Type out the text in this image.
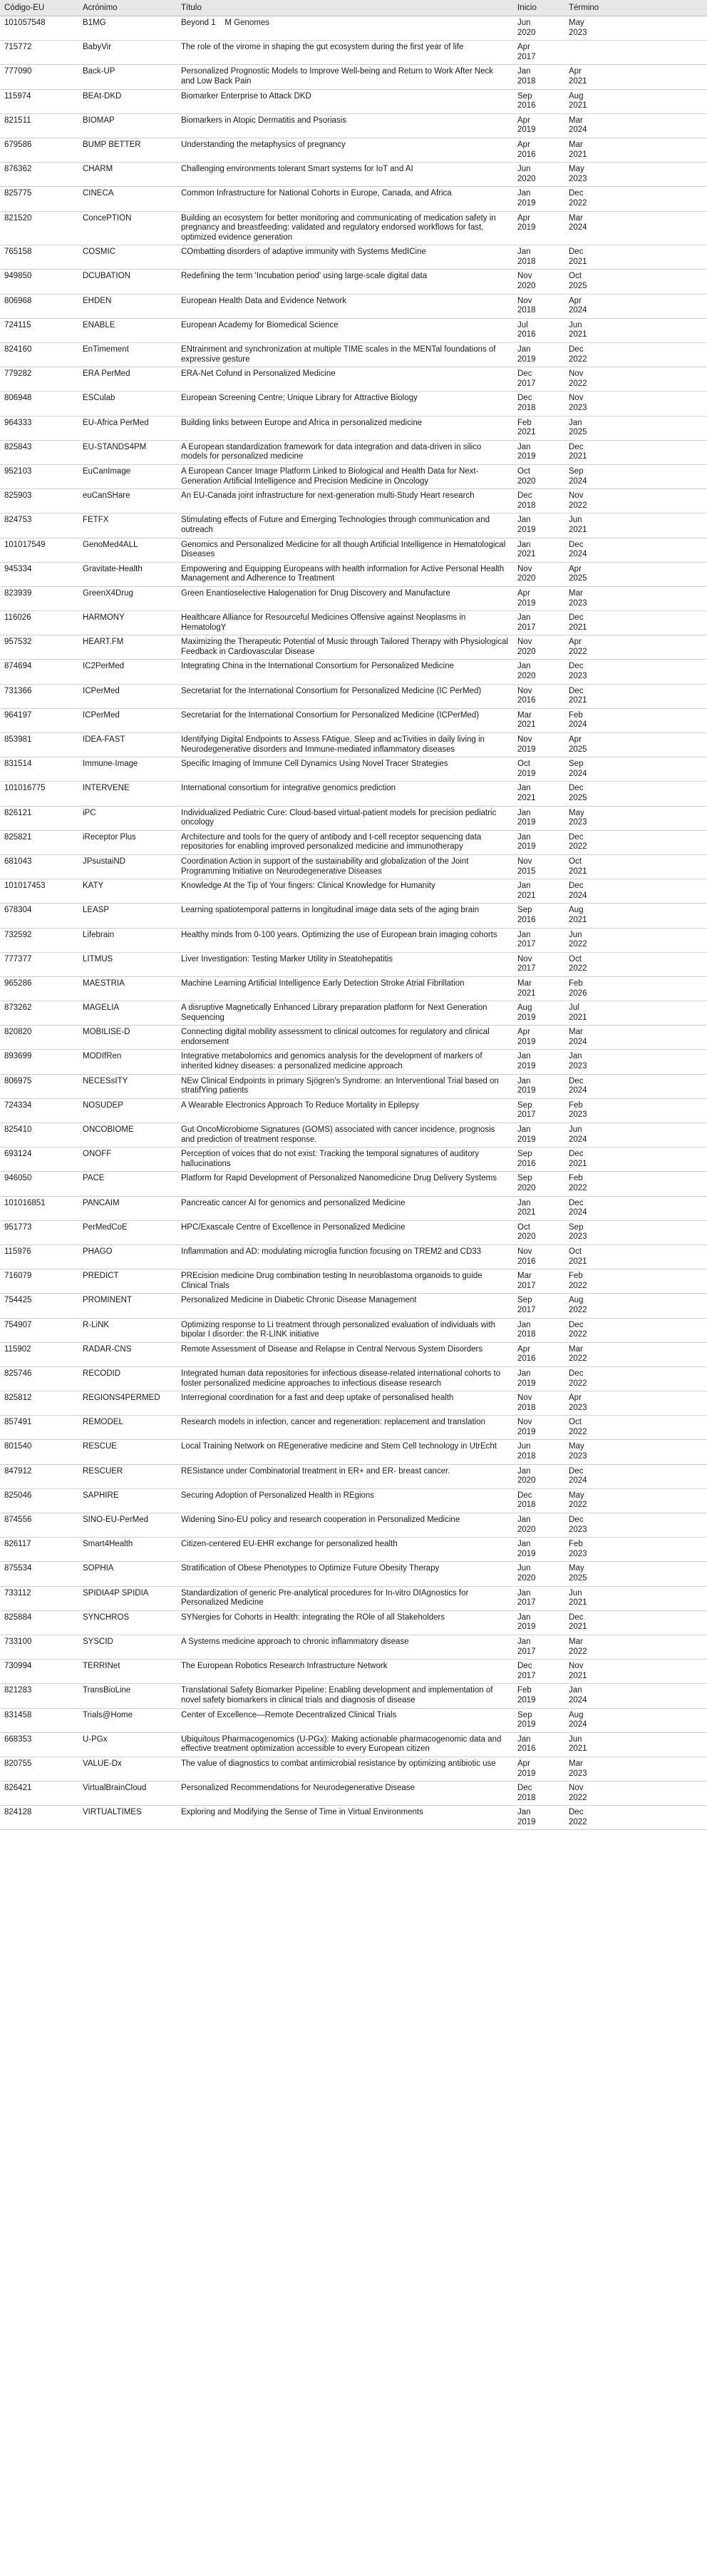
Código-EU	Acrónimo	Título	Inicio	Término
101057548	B1MG	Beyond 1    M Genomes	Jun 2020	May 2023

715772	BabyVir	The role of the virome in shaping the gut ecosystem during the first year of life	Apr 2017	

777090	Back-UP	Personalized Prognostic Models to Improve Well-being and Return to Work After Neck and Low Back Pain	Jan 2018	Apr 2021

115974	BEAt-DKD	Biomarker Enterprise to Attack DKD	Sep 2016	Aug 2021

821511	BIOMAP	Biomarkers in Atopic Dermatitis and Psoriasis	Apr 2019	Mar 2024

679586	BUMP BETTER	Understanding the metaphysics of pregnancy	Apr 2016	Mar 2021

876362	CHARM	Challenging environments tolerant Smart systems for IoT and AI	Jun 2020	May 2023

825775	CINECA	Common Infrastructure for National Cohorts in Europe, Canada, and Africa	Jan 2019	Dec 2022

821520	ConcePTION	Building an ecosystem for better monitoring and communicating of medication safety in pregnancy and breastfeeding: validated and regulatory endorsed workflows for fast, optimized evidence generation	Apr 2019	Mar 2024

765158	COSMIC	COmbatting disorders of adaptive immunity with Systems MedICine	Jan 2018	Dec 2021

949850	DCUBATION	Redefining the term 'Incubation period' using large-scale digital data	Nov 2020	Oct 2025

806968	EHDEN	European Health Data and Evidence Network	Nov 2018	Apr 2024

724115	ENABLE	European Academy for Biomedical Science	Jul 2016	Jun 2021

824160	EnTimement	ENtrainment and synchronization at multiple TIME scales in the MENTal foundations of expressive gesture	Jan 2019	Dec 2022

779282	ERA PerMed	ERA-Net Cofund in Personalized Medicine	Dec 2017	Nov 2022

806948	ESCulab	European Screening Centre; Unique Library for Attractive Biology	Dec 2018	Nov 2023

964333	EU-Africa PerMed	Building links between Europe and Africa in personalized medicine	Feb 2021	Jan 2025

825843	EU-STANDS4PM	A European standardization framework for data integration and data-driven in silico models for personalized medicine	Jan 2019	Dec 2021

952103	EuCanImage	A European Cancer Image Platform Linked to Biological and Health Data for Next-Generation Artificial Intelligence and Precision Medicine in Oncology	Oct 2020	Sep 2024

825903	euCanSHare	An EU-Canada joint infrastructure for next-generation multi-Study Heart research	Dec 2018	Nov 2022

824753	FETFX	Stimulating effects of Future and Emerging Technologies through communication and outreach	Jan 2019	Jun 2021

101017549	GenoMed4ALL	Genomics and Personalized Medicine for all though Artificial Intelligence in Hematological Diseases	Jan 2021	Dec 2024

945334	Gravitate-Health	Empowering and Equipping Europeans with health information for Active Personal Health Management and Adherence to Treatment	Nov 2020	Apr 2025

823939	GreenX4Drug	Green Enantioselective Halogenation for Drug Discovery and Manufacture	Apr 2019	Mar 2023

116026	HARMONY	Healthcare Alliance for Resourceful Medicines Offensive against Neoplasms in HematologY	Jan 2017	Dec 2021

957532	HEART.FM	Maximizing the Therapeutic Potential of Music through Tailored Therapy with Physiological Feedback in Cardiovascular Disease	Nov 2020	Apr 2022

874694	IC2PerMed	Integrating China in the International Consortium for Personalized Medicine	Jan 2020	Dec 2023

731366	ICPerMed	Secretariat for the International Consortium for Personalized Medicine (IC PerMed)	Nov 2016	Dec 2021

964197	ICPerMed	Secretariat for the International Consortium for Personalized Medicine (ICPerMed)	Mar 2021	Feb 2024

853981	IDEA-FAST	Identifying Digital Endpoints to Assess FAtigue, Sleep and acTivities in daily living in Neurodegenerative disorders and Immune-mediated inflammatory diseases	Nov 2019	Apr 2025

831514	Immune-Image	Specific Imaging of Immune Cell Dynamics Using Novel Tracer Strategies	Oct 2019	Sep 2024

101016775	INTERVENE	International consortium for integrative genomics prediction	Jan 2021	Dec 2025

826121	iPC	Individualized Pediatric Cure: Cloud-based virtual-patient models for precision pediatric oncology	Jan 2019	May 2023

825821	iReceptor Plus	Architecture and tools for the query of antibody and t-cell receptor sequencing data repositories for enabling improved personalized medicine and immunotherapy	Jan 2019	Dec 2022

681043	JPsustaiND	Coordination Action in support of the sustainability and globalization of the Joint Programming Initiative on Neurodegenerative Diseases	Nov 2015	Oct 2021

101017453	KATY	Knowledge At the Tip of Your fingers: Clinical Knowledge for Humanity	Jan 2021	Dec 2024

678304	LEASP	Learning spatiotemporal patterns in longitudinal image data sets of the aging brain	Sep 2016	Aug 2021

732592	Lifebrain	Healthy minds from 0-100 years. Optimizing the use of European brain imaging cohorts	Jan 2017	Jun 2022

777377	LITMUS	Liver Investigation: Testing Marker Utility in Steatohepatitis	Nov 2017	Oct 2022

965286	MAESTRIA	Machine Learning Artificial Intelligence Early Detection Stroke Atrial Fibrillation	Mar 2021	Feb 2026

873262	MAGELIA	A disruptive Magnetically Enhanced Library preparation platform for Next Generation Sequencing	Aug 2019	Jul 2021

820820	MOBILISE-D	Connecting digital mobility assessment to clinical outcomes for regulatory and clinical endorsement	Apr 2019	Mar 2024

893699	MODIfRen	Integrative metabolomics and genomics analysis for the development of markers of inherited kidney diseases: a personalized medicine approach	Jan 2019	Jan 2023

806975	NECESsITY	NEw Clinical Endpoints in primary Sjögren's Syndrome: an Interventional Trial based on stratifYing patients	Jan 2019	Dec 2024

724334	NOSUDEP	A Wearable Electronics Approach To Reduce Mortality in Epilepsy	Sep 2017	Feb 2023

825410	ONCOBIOME	Gut OncoMicrobiome Signatures (GOMS) associated with cancer incidence, prognosis and prediction of treatment response.	Jan 2019	Jun 2024

693124	ONOFF	Perception of voices that do not exist: Tracking the temporal signatures of auditory hallucinations	Sep 2016	Dec 2021

946050	PACE	Platform for Rapid Development of Personalized Nanomedicine Drug Delivery Systems	Sep 2020	Feb 2022

101016851	PANCAIM	Pancreatic cancer AI for genomics and personalized Medicine	Jan 2021	Dec 2024

951773	PerMedCoE	HPC/Exascale Centre of Excellence in Personalized Medicine	Oct 2020	Sep 2023

115976	PHAGO	Inflammation and AD: modulating microglia function focusing on TREM2 and CD33	Nov 2016	Oct 2021

716079	PREDICT	PREcision medicine Drug combination testing In neuroblastoma organoids to guide Clinical Trials	Mar 2017	Feb 2022

754425	PROMINENT	Personalized Medicine in Diabetic Chronic Disease Management	Sep 2017	Aug 2022

754907	R-LiNK	Optimizing response to Li treatment through personalized evaluation of individuals with bipolar I disorder: the R-LINK initiative	Jan 2018	Dec 2022

115902	RADAR-CNS	Remote Assessment of Disease and Relapse in Central Nervous System Disorders	Apr 2016	Mar 2022

825746	RECODID	Integrated human data repositories for infectious disease-related international cohorts to foster personalized medicine approaches to infectious disease research	Jan 2019	Dec 2022

825812	REGIONS4PERMED	Interregional coordination for a fast and deep uptake of personalised health	Nov 2018	Apr 2023

857491	REMODEL	Research models in infection, cancer and regeneration: replacement and translation	Nov 2019	Oct 2022

801540	RESCUE	Local Training Network on REgenerative medicine and Stem Cell technology in UtrEcht	Jun 2018	May 2023

847912	RESCUER	RESistance under Combinatorial treatment in ER+ and ER- breast cancer.	Jan 2020	Dec 2024

825046	SAPHIRE	Securing Adoption of Personalized Health in REgions	Dec 2018	May 2022

874556	SINO-EU-PerMed	Widening Sino-EU policy and research cooperation in Personalized Medicine	Jan 2020	Dec 2023

826117	Smart4Health	Citizen-centered EU-EHR exchange for personalized health	Jan 2019	Feb 2023

875534	SOPHIA	Stratification of Obese Phenotypes to Optimize Future Obesity Therapy	Jun 2020	May 2025

733112	SPIDIA4P SPIDIA	Standardization of generic Pre-analytical procedures for In-vitro DIAgnostics for Personalized Medicine	Jan 2017	Jun 2021

825884	SYNCHROS	SYNergies for Cohorts in Health: integrating the ROle of all Stakeholders	Jan 2019	Dec 2021

733100	SYSCID	A Systems medicine approach to chronic inflammatory disease	Jan 2017	Mar 2022

730994	TERRINet	The European Robotics Research Infrastructure Network	Dec 2017	Nov 2021

821283	TransBioLine	Translational Safety Biomarker Pipeline: Enabling development and implementation of novel safety biomarkers in clinical trials and diagnosis of disease	Feb 2019	Jan 2024

831458	Trials@Home	Center of Excellence—Remote Decentralized Clinical Trials	Sep 2019	Aug 2024

668353	U-PGx	Ubiquitous Pharmacogenomics (U-PGx): Making actionable pharmacogenomic data and effective treatment optimization accessible to every European citizen	Jan 2016	Jun 2021

820755	VALUE-Dx	The value of diagnostics to combat antimicrobial resistance by optimizing antibiotic use	Apr 2019	Mar 2023

826421	VirtualBrainCloud	Personalized Recommendations for Neurodegenerative Disease	Dec 2018	Nov 2022

824128	VIRTUALTIMES	Exploring and Modifying the Sense of Time in Virtual Environments	Jan 2019	Dec 2022
